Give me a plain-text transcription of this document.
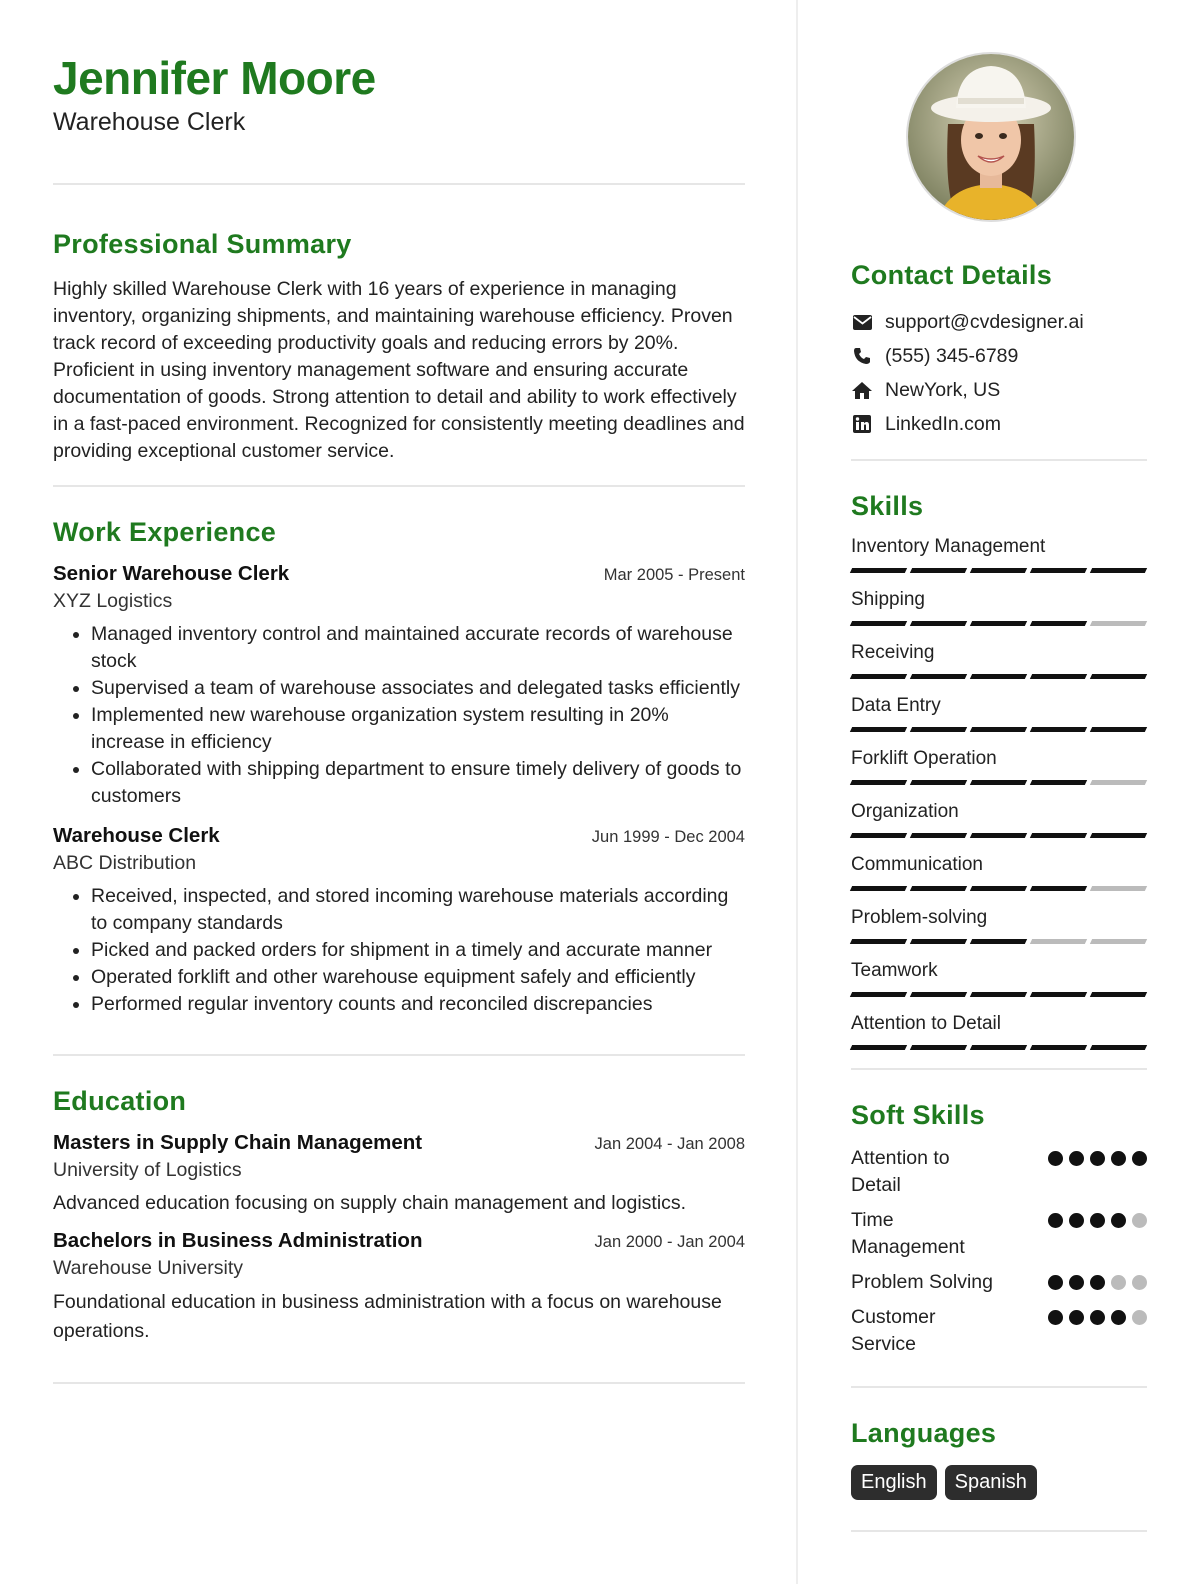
Jennifer Moore
Warehouse Clerk
Professional Summary
Highly skilled Warehouse Clerk with 16 years of experience in managing inventory, organizing shipments, and maintaining warehouse efficiency. Proven track record of exceeding productivity goals and reducing errors by 20%. Proficient in using inventory management software and ensuring accurate documentation of goods. Strong attention to detail and ability to work effectively in a fast-paced environment. Recognized for consistently meeting deadlines and providing exceptional customer service.
Work Experience
Senior Warehouse Clerk	Mar 2005 - Present
XYZ Logistics
• Managed inventory control and maintained accurate records of warehouse stock
• Supervised a team of warehouse associates and delegated tasks efficiently
• Implemented new warehouse organization system resulting in 20% increase in efficiency
• Collaborated with shipping department to ensure timely delivery of goods to customers
Warehouse Clerk	Jun 1999 - Dec 2004
ABC Distribution
• Received, inspected, and stored incoming warehouse materials according to company standards
• Picked and packed orders for shipment in a timely and accurate manner
• Operated forklift and other warehouse equipment safely and efficiently
• Performed regular inventory counts and reconciled discrepancies
Education
Masters in Supply Chain Management	Jan 2004 - Jan 2008
University of Logistics
Advanced education focusing on supply chain management and logistics.
Bachelors in Business Administration	Jan 2000 - Jan 2004
Warehouse University
Foundational education in business administration with a focus on warehouse operations.
Contact Details
support@cvdesigner.ai
(555) 345-6789
NewYork, US
LinkedIn.com
Skills
Inventory Management
Shipping
Receiving
Data Entry
Forklift Operation
Organization
Communication
Problem-solving
Teamwork
Attention to Detail
Soft Skills
Attention to Detail
Time Management
Problem Solving
Customer Service
Languages
English	Spanish
